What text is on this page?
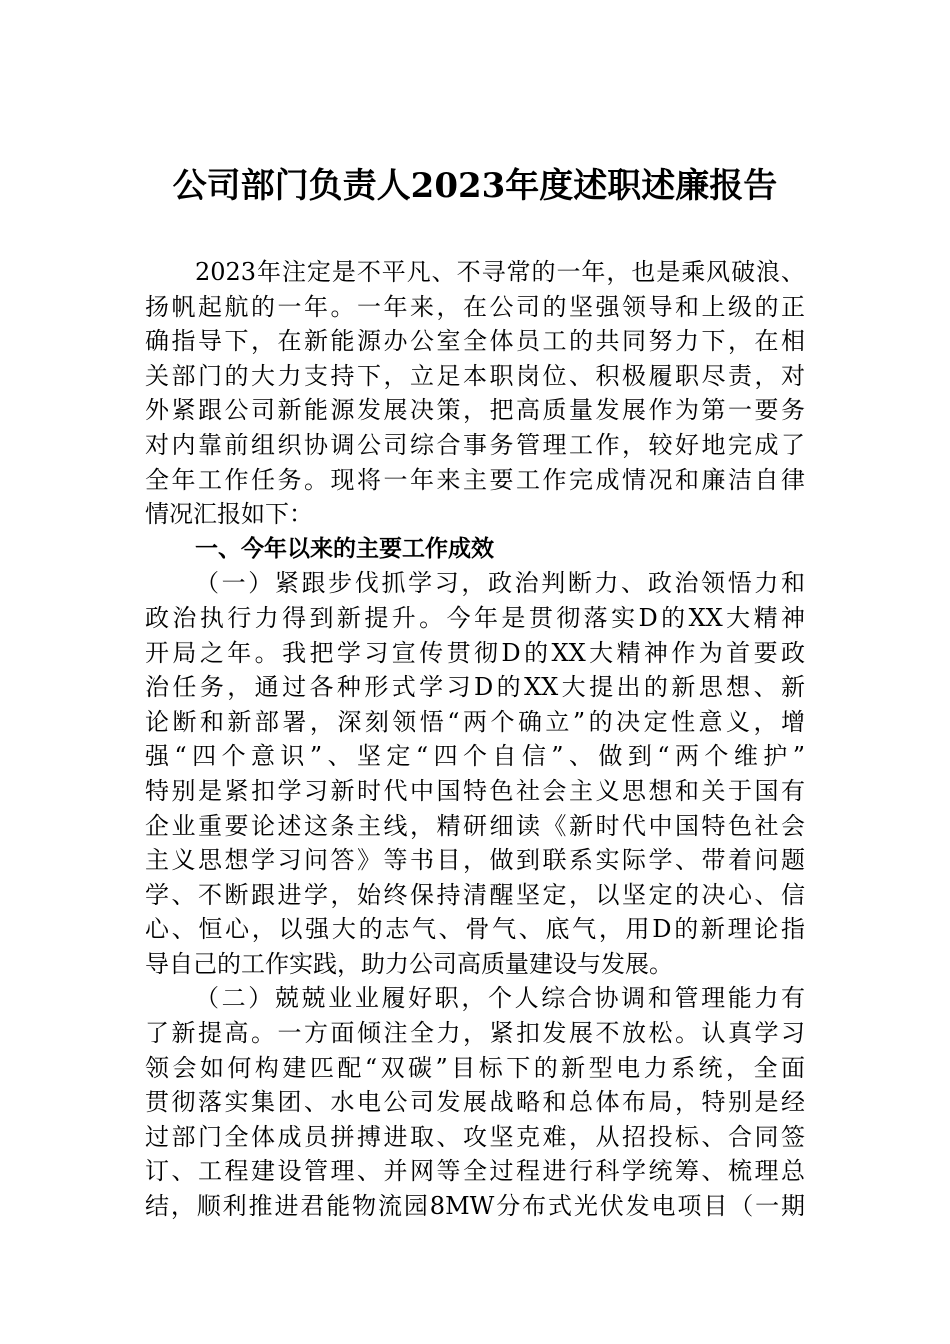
公司部门负责人2023年度述职述廉报告
2023年注定是不平凡、不寻常的一年，也是乘风破浪、
扬帆起航的一年。一年来，在公司的坚强领导和上级的正
确指导下，在新能源办公室全体员工的共同努力下，在相
关部门的大力支持下，立足本职岗位、积极履职尽责，对
外紧跟公司新能源发展决策，把高质量发展作为第一要务
对内靠前组织协调公司综合事务管理工作，较好地完成了
全年工作任务。现将一年来主要工作完成情况和廉洁自律
情况汇报如下：
一、今年以来的主要工作成效
（一）紧跟步伐抓学习，政治判断力、政治领悟力和
政治执行力得到新提升。今年是贯彻落实D的XX大精神
开局之年。我把学习宣传贯彻D的XX大精神作为首要政
治任务，通过各种形式学习D的XX大提出的新思想、新
论断和新部署，深刻领悟“两个确立”的决定性意义，增
强“四个意识”、坚定“四个自信”、做到“两个维护”
特别是紧扣学习新时代中国特色社会主义思想和关于国有
企业重要论述这条主线，精研细读《新时代中国特色社会
主义思想学习问答》等书目，做到联系实际学、带着问题
学、不断跟进学，始终保持清醒坚定，以坚定的决心、信
心、恒心，以强大的志气、骨气、底气，用D的新理论指
导自己的工作实践，助力公司高质量建设与发展。
（二）兢兢业业履好职，个人综合协调和管理能力有
了新提高。一方面倾注全力，紧扣发展不放松。认真学习
领会如何构建匹配“双碳”目标下的新型电力系统，全面
贯彻落实集团、水电公司发展战略和总体布局，特别是经
过部门全体成员拼搏进取、攻坚克难，从招投标、合同签
订、工程建设管理、并网等全过程进行科学统筹、梳理总
结，顺利推进君能物流园8MW分布式光伏发电项目（一期
